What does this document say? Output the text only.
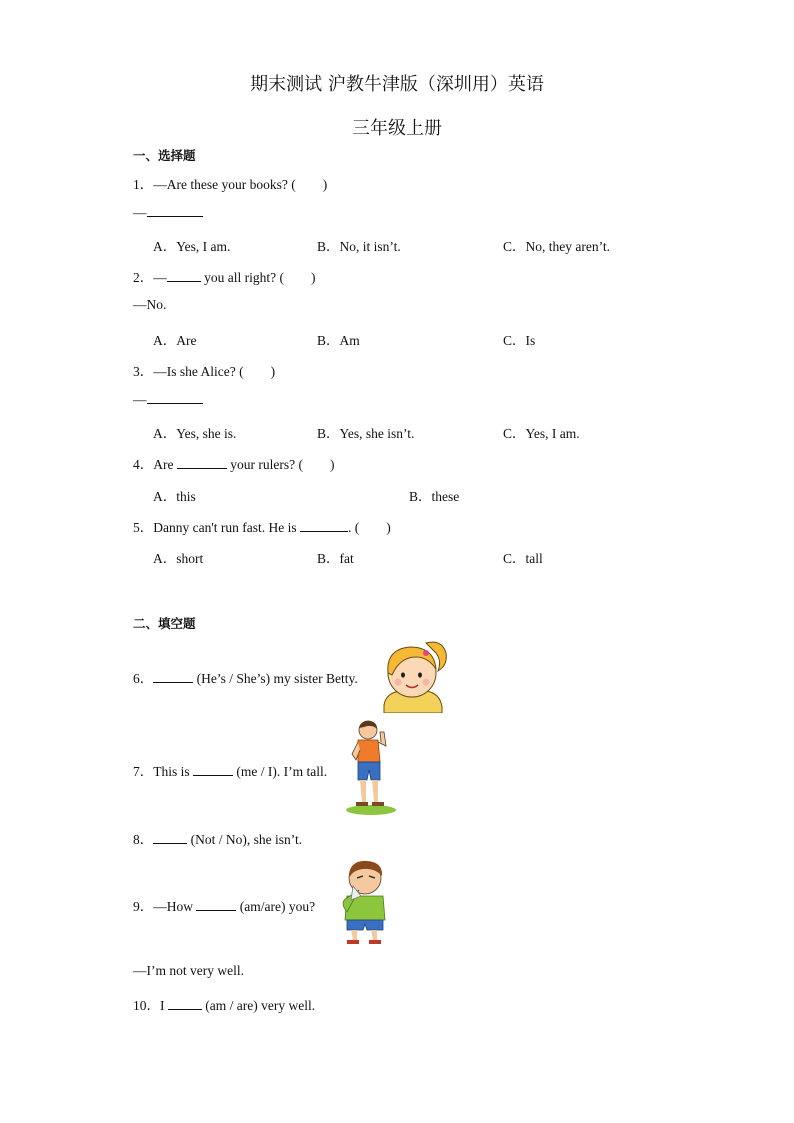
期末测试 沪教牛津版（深圳用）英语
三年级上册
一、选择题
1．—Are these your books? (　　)
—
A．Yes, I am.	B．No, it isn’t.	C．No, they aren’t.
2．—	you all right? (　　)
—No.
A．Are	B．Am	C．Is
3．—Is she Alice? (　　)
—
A．Yes, she is.	B．Yes, she isn’t.	C．Yes, I am.
4．Are	your rulers? (　　)
A．this	B．these
5．Danny can't run fast. He is	. (　　)
A．short	B．fat	C．tall
二、填空题
6．	(He’s / She’s) my sister Betty.
7．This is	(me / I). I’m tall.
8．	(Not / No), she isn’t.
9．—How	(am/are) you?
—I’m not very well.
10．I	(am / are) very well.
